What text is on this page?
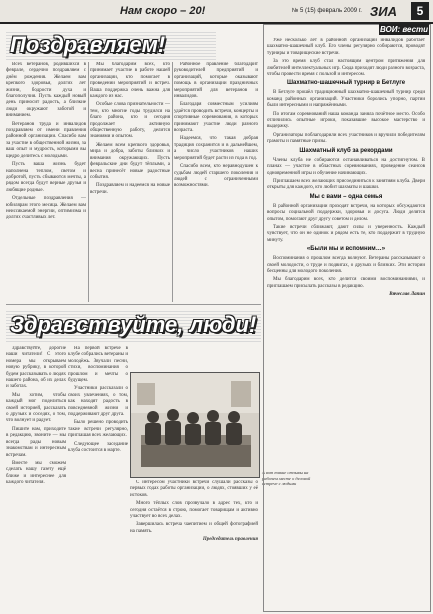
Нам скоро – 20!	№ 5 (15) февраль 2009 г. ЗИА	5
Поздравляем!

Всех ветеранов, родившихся в феврале, сердечно поздравляем с днём рождения. Желаем вам крепкого здоровья, долгих лет жизни, бодрости духа и благополучия. Пусть каждый новый день приносит радость, а близкие люди окружают заботой и вниманием.

Ветеранов труда и инвалидов поздравляем от имени правления районной организации. Спасибо вам за участие в общественной жизни, за ваш опыт и мудрость, которыми вы щедро делитесь с молодыми.

Пусть ваша жизнь будет наполнена теплом, светом и добротой, пусть сбываются мечты, а рядом всегда будут верные друзья и любящие родные.

Отдельные поздравления — юбилярам этого месяца. Желаем вам неиссякаемой энергии, оптимизма и долгих счастливых лет.

Мы благодарим всех, кто принимает участие в работе нашей организации, кто помогает в проведении мероприятий и встреч. Ваша поддержка очень важна для каждого из нас.

Особые слова признательности — тем, кто многие годы трудился на благо района, кто и сегодня продолжает активную общественную работу, делится знаниями и опытом.

Желаем всем крепкого здоровья, мира и добра, заботы близких и внимания окружающих. Пусть февральские дни будут тёплыми, а весна принесёт новые радостные события.

Поздравляем и надеемся на новые встречи.

Районное правление благодарит руководителей предприятий и организаций, которые оказывают помощь в организации праздничных мероприятий для ветеранов и инвалидов.

Благодаря совместным усилиям удаётся проводить встречи, концерты и спортивные соревнования, в которых принимают участие люди разного возраста.

Надеемся, что такая добрая традиция сохранится и в дальнейшем, а число участников наших мероприятий будет расти из года в год.

Спасибо всем, кто неравнодушен к судьбам людей старшего поколения и людей с ограниченными возможностями.

Здравствуйте, люди!

Здравствуйте, дорогие наши читатели! С этого номера мы открываем новую рубрику, в которой будем рассказывать о людях нашего района, об их делах и заботах.

Мы хотим, чтобы каждый мог поделиться своей историей, рассказать о друзьях и соседях, о том, что волнует и радует.

Пишите нам, приходите в редакцию, звоните — мы всегда рады новым знакомствам и интересным встречам.

Вместе мы сможем сделать нашу газету ещё ближе и интереснее для каждого читателя.

На первой встрече в клубе собрались ветераны и молодёжь. Звучали песни, стихи, воспоминания о прошлом и мечты о будущем.

Участники рассказали о своих увлечениях, о том, как находят радость в повседневной жизни и поддерживают друг друга.

Было решено проводить такие встречи регулярно, приглашая всех желающих.

Следующее заседание клуба состоится в марте.

С интересом участники встречи слушали рассказы о первых годах работы организации, о людях, стоявших у её истоков.

Много тёплых слов прозвучало в адрес тех, кто и сегодня остаётся в строю, помогает товарищам и активно участвует во всех делах.

Завершилась встреча чаепитием и общей фотографией на память.

Председатель правления
А вот такие отзывы на рабочем месте о деловой встрече с людьми
ВОИ: вести

Уже несколько лет в районной организации инвалидов работает шахматно-шашечный клуб. Его члены регулярно собираются, проводят турниры и товарищеские встречи.

За это время клуб стал настоящим центром притяжения для любителей интеллектуальных игр. Сюда приходят люди разного возраста, чтобы провести время с пользой и интересом.

Шахматно-шашечный турнир в Бетлуге

В Бетлуге прошёл традиционный шахматно-шашечный турнир среди команд районных организаций. Участники боролись упорно, партии были интересными и напряжёнными.

По итогам соревнований наша команда заняла почётное место. Особо отличились опытные игроки, показавшие высокое мастерство и выдержку.

Организаторы поблагодарили всех участников и вручили победителям грамоты и памятные призы.

Шахматный клуб за рекордами

Члены клуба не собираются останавливаться на достигнутом. В планах — участие в областных соревнованиях, проведение сеансов одновременной игры и обучение начинающих.

Приглашаем всех желающих присоединиться к занятиям клуба. Двери открыты для каждого, кто любит шахматы и шашки.

Мы с вами – одна семья

В районной организации проходят встречи, на которых обсуждаются вопросы социальной поддержки, здоровья и досуга. Люди делятся опытом, помогают друг другу советом и делом.

Такие встречи сближают, дают силы и уверенность. Каждый чувствует, что он не одинок и рядом есть те, кто поддержит в трудную минуту.

«Были мы и вспомним…»

Воспоминания о прошлом всегда волнуют. Ветераны рассказывают о своей молодости, о труде и подвигах, о друзьях и близких. Эти истории бесценны для молодого поколения.

Мы благодарим всех, кто делится своими воспоминаниями, и приглашаем присылать рассказы в редакцию.

Вячеслав Лапин
